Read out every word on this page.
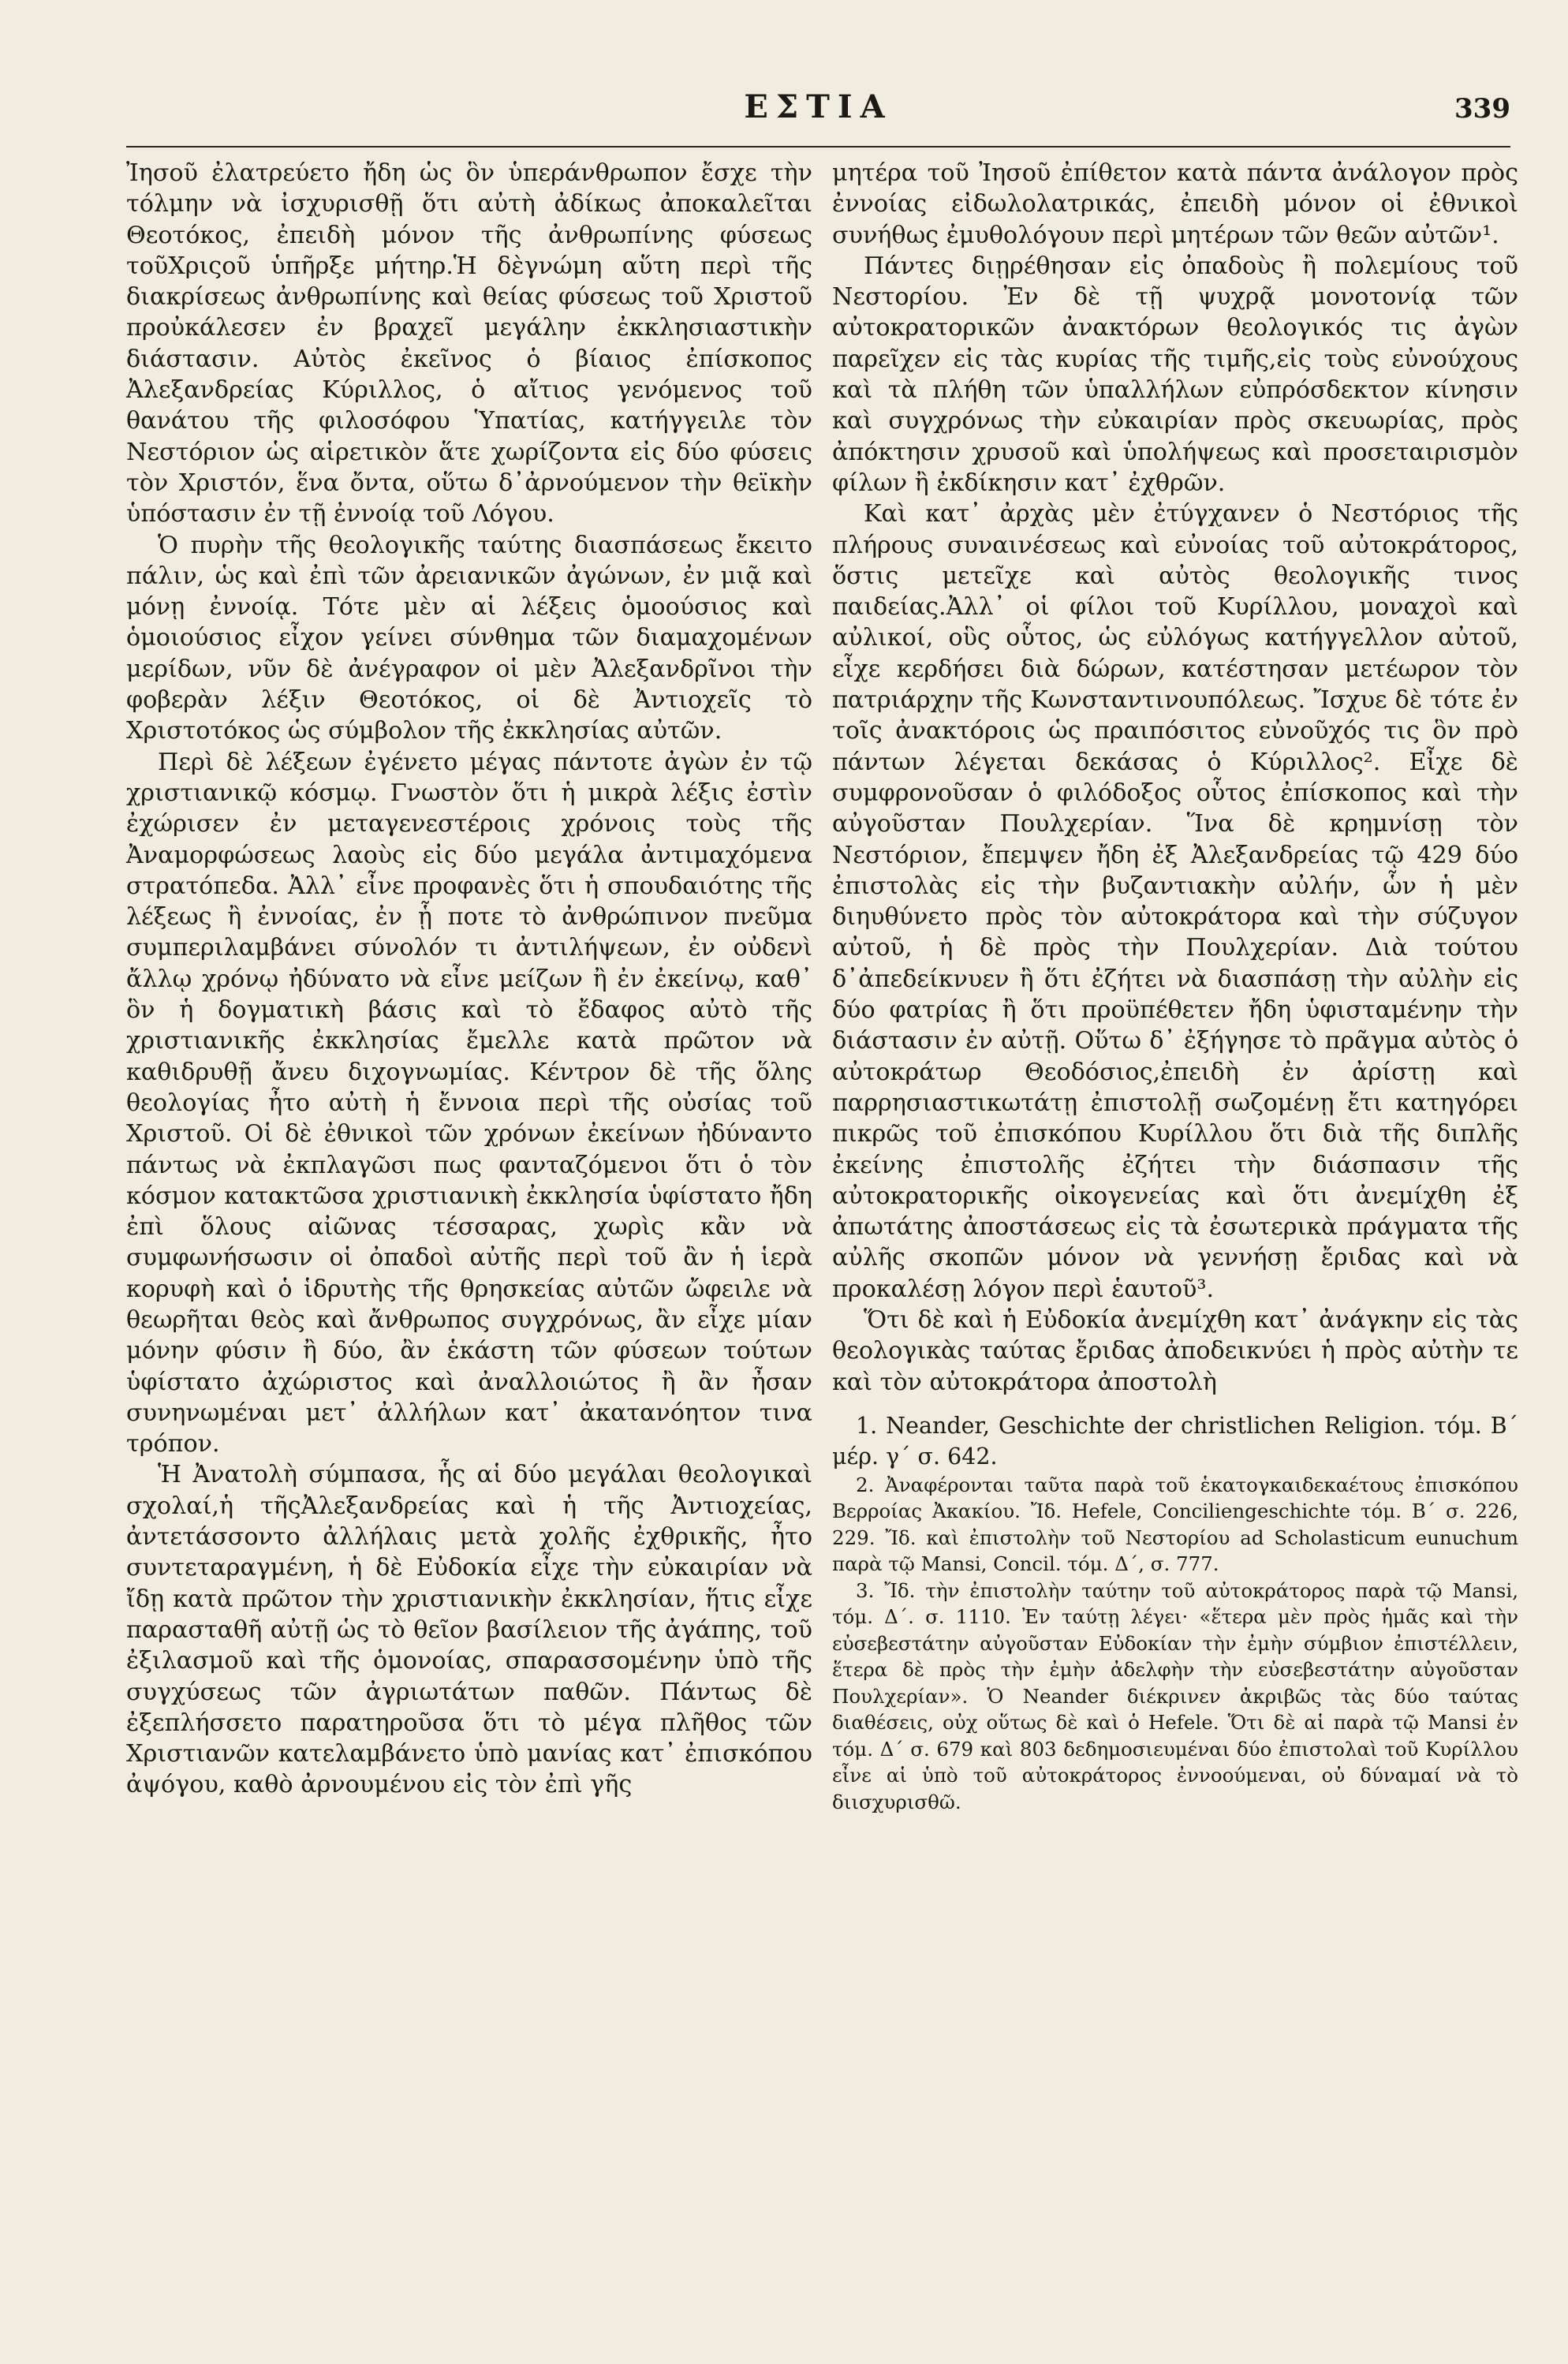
ΕΣΤΙΑ	339

Ἰησοῦ ἐλατρεύετο ἤδη ὡς ὃν ὑπεράνθρωπον ἔσχε τὴν τόλμην νὰ ἰσχυρισθῇ ὅτι αὐτὴ ἀδίκως ἀποκαλεῖται Θεοτόκος, ἐπειδὴ μόνον τῆς ἀνθρωπίνης φύσεως τοῦΧριςοῦ ὑπῆρξε μήτηρ.Ἡ δὲγνώμη αὕτη περὶ τῆς διακρίσεως ἀνθρωπίνης καὶ θείας φύσεως τοῦ Χριστοῦ προὐκάλεσεν ἐν βραχεῖ μεγάλην ἐκκλησιαστικὴν διάστασιν. Αὐτὸς ἐκεῖνος ὁ βίαιος ἐπίσκοπος Ἀλεξανδρείας Κύριλλος, ὁ αἴτιος γενόμενος τοῦ θανάτου τῆς φιλοσόφου Ὑπατίας, κατήγγειλε τὸν Νεστόριον ὡς αἱρετικὸν ἅτε χωρίζοντα εἰς δύο φύσεις τὸν Χριστόν, ἕνα ὄντα, οὕτω δ᾽ἀρνούμενον τὴν θεϊκὴν ὑπόστασιν ἐν τῇ ἐννοίᾳ τοῦ Λόγου.

Ὁ πυρὴν τῆς θεολογικῆς ταύτης διασπάσεως ἔκειτο πάλιν, ὡς καὶ ἐπὶ τῶν ἀρειανικῶν ἀγώνων, ἐν μιᾷ καὶ μόνῃ ἐννοίᾳ. Τότε μὲν αἱ λέξεις ὁμοούσιος καὶ ὁμοιούσιος εἶχον γείνει σύνθημα τῶν διαμαχομένων μερίδων, νῦν δὲ ἀνέγραφον οἱ μὲν Ἀλεξανδρῖνοι τὴν φοβερὰν λέξιν Θεοτόκος, οἱ δὲ Ἀντιοχεῖς τὸ Χριστοτόκος ὡς σύμβολον τῆς ἐκκλησίας αὐτῶν.

Περὶ δὲ λέξεων ἐγένετο μέγας πάντοτε ἀγὼν ἐν τῷ χριστιανικῷ κόσμῳ. Γνωστὸν ὅτι ἡ μικρὰ λέξις ἐστὶν ἐχώρισεν ἐν μεταγενεστέροις χρόνοις τοὺς τῆς Ἀναμορφώσεως λαοὺς εἰς δύο μεγάλα ἀντιμαχόμενα στρατόπεδα. Ἀλλ᾽ εἶνε προφανὲς ὅτι ἡ σπουδαιότης τῆς λέξεως ἢ ἐννοίας, ἐν ᾗ ποτε τὸ ἀνθρώπινον πνεῦμα συμπεριλαμβάνει σύνολόν τι ἀντιλήψεων, ἐν οὐδενὶ ἄλλῳ χρόνῳ ἠδύνατο νὰ εἶνε μείζων ἢ ἐν ἐκείνῳ, καθ᾽ ὃν ἡ δογματικὴ βάσις καὶ τὸ ἔδαφος αὐτὸ τῆς χριστιανικῆς ἐκκλησίας ἔμελλε κατὰ πρῶτον νὰ καθιδρυθῇ ἄνευ διχογνωμίας. Κέντρον δὲ τῆς ὅλης θεολογίας ἦτο αὐτὴ ἡ ἔννοια περὶ τῆς οὐσίας τοῦ Χριστοῦ. Οἱ δὲ ἐθνικοὶ τῶν χρόνων ἐκείνων ἠδύναντο πάντως νὰ ἐκπλαγῶσι πως φανταζόμενοι ὅτι ὁ τὸν κόσμον κατακτῶσα χριστιανικὴ ἐκκλησία ὑφίστατο ἤδη ἐπὶ ὅλους αἰῶνας τέσσαρας, χωρὶς κἂν νὰ συμφωνήσωσιν οἱ ὀπαδοὶ αὐτῆς περὶ τοῦ ἂν ἡ ἱερὰ κορυφὴ καὶ ὁ ἱδρυτὴς τῆς θρησκείας αὐτῶν ὤφειλε νὰ θεωρῆται θεὸς καὶ ἄνθρωπος συγχρόνως, ἂν εἶχε μίαν μόνην φύσιν ἢ δύο, ἂν ἑκάστη τῶν φύσεων τούτων ὑφίστατο ἀχώριστος καὶ ἀναλλοιώτος ἢ ἂν ἦσαν συνηνωμέναι μετ᾽ ἀλλήλων κατ᾽ ἀκατανόητον τινα τρόπον.

Ἡ Ἀνατολὴ σύμπασα, ἧς αἱ δύο μεγάλαι θεολογικαὶ σχολαί,ἡ τῆςἈλεξανδρείας καὶ ἡ τῆς Ἀντιοχείας, ἀντετάσσοντο ἀλλήλαις μετὰ χολῆς ἐχθρικῆς, ἦτο συντεταραγμένη, ἡ δὲ Εὐδοκία εἶχε τὴν εὐκαιρίαν νὰ ἴδῃ κατὰ πρῶτον τὴν χριστιανικὴν ἐκκλησίαν, ἥτις εἶχε παρασταθῆ αὐτῇ ὡς τὸ θεῖον βασίλειον τῆς ἀγάπης, τοῦ ἐξιλασμοῦ καὶ τῆς ὁμονοίας, σπαρασσομένην ὑπὸ τῆς συγχύσεως τῶν ἀγριωτάτων παθῶν. Πάντως δὲ ἐξεπλήσσετο παρατηροῦσα ὅτι τὸ μέγα πλῆθος τῶν Χριστιανῶν κατελαμβάνετο ὑπὸ μανίας κατ᾽ ἐπισκόπου ἀψόγου, καθὸ ἀρνουμένου εἰς τὸν ἐπὶ γῆς

μητέρα τοῦ Ἰησοῦ ἐπίθετον κατὰ πάντα ἀνάλογον πρὸς ἐννοίας εἰδωλολατρικάς, ἐπειδὴ μόνον οἱ ἐθνικοὶ συνήθως ἐμυθολόγουν περὶ μητέρων τῶν θεῶν αὐτῶν¹.

Πάντες διῃρέθησαν εἰς ὀπαδοὺς ἢ πολεμίους τοῦ Νεστορίου. Ἐν δὲ τῇ ψυχρᾷ μονοτονίᾳ τῶν αὐτοκρατορικῶν ἀνακτόρων θεολογικός τις ἀγὼν παρεῖχεν εἰς τὰς κυρίας τῆς τιμῆς,εἰς τοὺς εὐνούχους καὶ τὰ πλήθη τῶν ὑπαλλήλων εὐπρόσδεκτον κίνησιν καὶ συγχρόνως τὴν εὐκαιρίαν πρὸς σκευωρίας, πρὸς ἀπόκτησιν χρυσοῦ καὶ ὑπολήψεως καὶ προσεταιρισμὸν φίλων ἢ ἐκδίκησιν κατ᾽ ἐχθρῶν.

Καὶ κατ᾽ ἀρχὰς μὲν ἐτύγχανεν ὁ Νεστόριος τῆς πλήρους συναινέσεως καὶ εὐνοίας τοῦ αὐτοκράτορος, ὅστις μετεῖχε καὶ αὐτὸς θεολογικῆς τινος παιδείας.Ἀλλ᾽ οἱ φίλοι τοῦ Κυρίλλου, μοναχοὶ καὶ αὐλικοί, οὓς οὗτος, ὡς εὐλόγως κατήγγελλον αὐτοῦ, εἶχε κερδήσει διὰ δώρων, κατέστησαν μετέωρον τὸν πατριάρχην τῆς Κωνσταντινουπόλεως. Ἴσχυε δὲ τότε ἐν τοῖς ἀνακτόροις ὡς πραιπόσιτος εὐνοῦχός τις ὃν πρὸ πάντων λέγεται δεκάσας ὁ Κύριλλος². Εἶχε δὲ συμφρονοῦσαν ὁ φιλόδοξος οὗτος ἐπίσκοπος καὶ τὴν αὐγοῦσταν Πουλχερίαν. Ἵνα δὲ κρημνίσῃ τὸν Νεστόριον, ἔπεμψεν ἤδη ἐξ Ἀλεξανδρείας τῷ 429 δύο ἐπιστολὰς εἰς τὴν βυζαντιακὴν αὐλήν, ὧν ἡ μὲν διηυθύνετο πρὸς τὸν αὐτοκράτορα καὶ τὴν σύζυγον αὐτοῦ, ἡ δὲ πρὸς τὴν Πουλχερίαν. Διὰ τούτου δ᾽ἀπεδείκνυεν ἢ ὅτι ἐζήτει νὰ διασπάσῃ τὴν αὐλὴν εἰς δύο φατρίας ἢ ὅτι προϋπέθετεν ἤδη ὑφισταμένην τὴν διάστασιν ἐν αὐτῇ. Οὕτω δ᾽ ἐξήγησε τὸ πρᾶγμα αὐτὸς ὁ αὐτοκράτωρ Θεοδόσιος,ἐπειδὴ ἐν ἀρίστῃ καὶ παρρησιαστικωτάτῃ ἐπιστολῇ σωζομένῃ ἔτι κατηγόρει πικρῶς τοῦ ἐπισκόπου Κυρίλλου ὅτι διὰ τῆς διπλῆς ἐκείνης ἐπιστολῆς ἐζήτει τὴν διάσπασιν τῆς αὐτοκρατορικῆς οἰκογενείας καὶ ὅτι ἀνεμίχθη ἐξ ἀπωτάτης ἀποστάσεως εἰς τὰ ἐσωτερικὰ πράγματα τῆς αὐλῆς σκοπῶν μόνον νὰ γεννήσῃ ἔριδας καὶ νὰ προκαλέσῃ λόγον περὶ ἑαυτοῦ³.

Ὅτι δὲ καὶ ἡ Εὐδοκία ἀνεμίχθη κατ᾽ ἀνάγκην εἰς τὰς θεολογικὰς ταύτας ἔριδας ἀποδεικνύει ἡ πρὸς αὐτὴν τε καὶ τὸν αὐτοκράτορα ἀποστολὴ

1. Neander, Geschichte der christlichen Religion. τόμ. Β´ μέρ. γ´ σ. 642.

2. Ἀναφέρονται ταῦτα παρὰ τοῦ ἑκατογκαιδεκαέτους ἐπισκόπου Βερροίας Ἀκακίου. Ἴδ. Hefele, Conciliengeschichte τόμ. Β´ σ. 226, 229. Ἴδ. καὶ ἐπιστολὴν τοῦ Νεστορίου ad Scholasticum eunuchum παρὰ τῷ Mansi, Concil. τόμ. Δ´, σ. 777.

3. Ἴδ. τὴν ἐπιστολὴν ταύτην τοῦ αὐτοκράτορος παρὰ τῷ Mansi, τόμ. Δ´. σ. 1110. Ἐν ταύτῃ λέγει· «ἕτερα μὲν πρὸς ἡμᾶς καὶ τὴν εὐσεβεστάτην αὐγοῦσταν Εὐδοκίαν τὴν ἐμὴν σύμβιον ἐπιστέλλειν, ἕτερα δὲ πρὸς τὴν ἐμὴν ἀδελφὴν τὴν εὐσεβεστάτην αὐγοῦσταν Πουλχερίαν». Ὁ Neander διέκρινεν ἀκριβῶς τὰς δύο ταύτας διαθέσεις, οὐχ οὕτως δὲ καὶ ὁ Hefele. Ὅτι δὲ αἱ παρὰ τῷ Mansi ἐν τόμ. Δ´ σ. 679 καὶ 803 δεδημοσιευμέναι δύο ἐπιστολαὶ τοῦ Κυρίλλου εἶνε αἱ ὑπὸ τοῦ αὐτοκράτορος ἐννοούμεναι, οὐ δύναμαί νὰ τὸ διισχυρισθῶ.
